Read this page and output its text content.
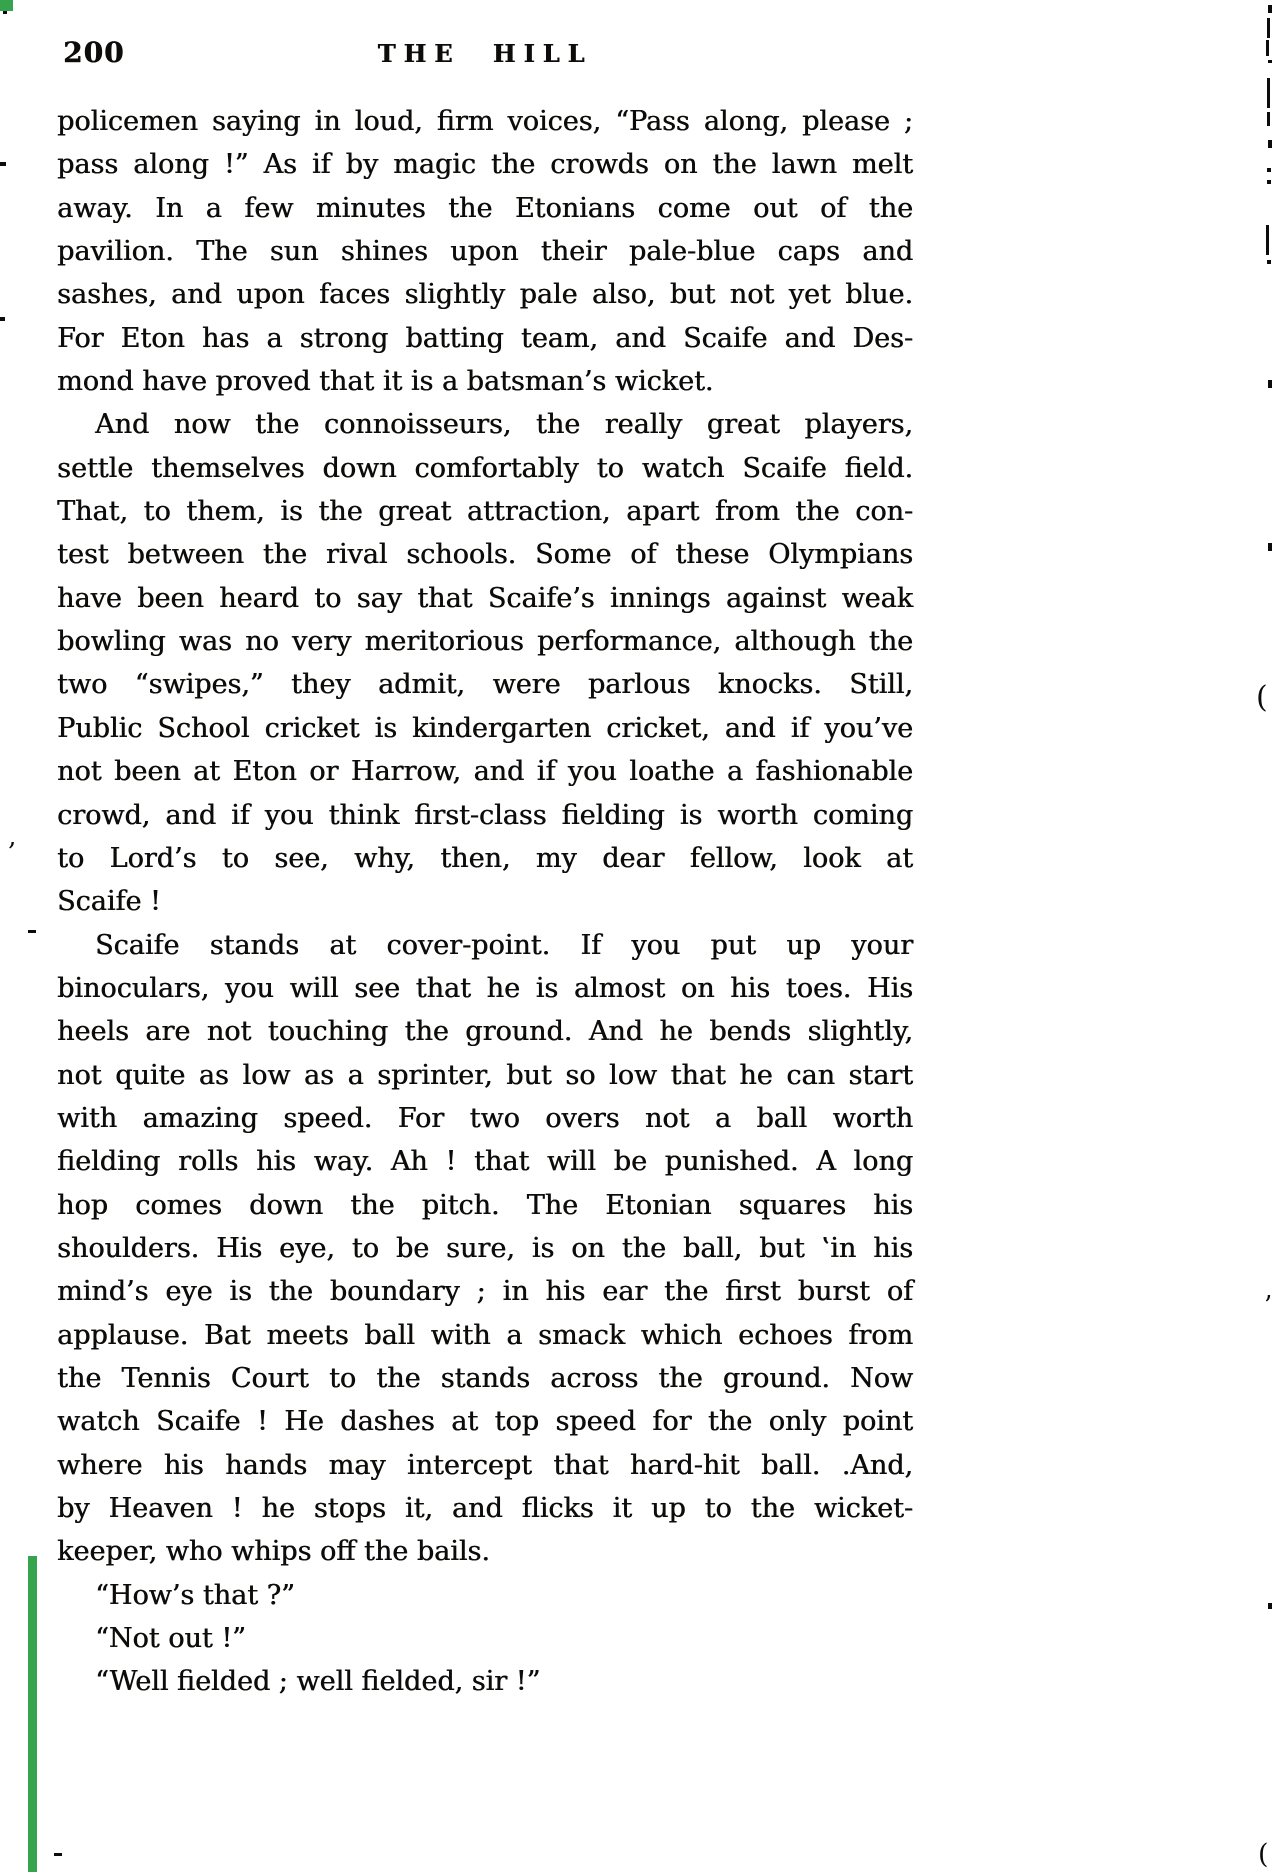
200	THE HILL
policemen saying in loud, firm voices, “Pass along, please ;
pass along !” As if by magic the crowds on the lawn melt
away. In a few minutes the Etonians come out of the
pavilion. The sun shines upon their pale-blue caps and
sashes, and upon faces slightly pale also, but not yet blue.
For Eton has a strong batting team, and Scaife and Des-
mond have proved that it is a batsman’s wicket.
And now the connoisseurs, the really great players,
settle themselves down comfortably to watch Scaife field.
That, to them, is the great attraction, apart from the con-
test between the rival schools. Some of these Olympians
have been heard to say that Scaife’s innings against weak
bowling was no very meritorious performance, although the
two “swipes,” they admit, were parlous knocks. Still,
Public School cricket is kindergarten cricket, and if you’ve
not been at Eton or Harrow, and if you loathe a fashionable
crowd, and if you think first-class fielding is worth coming
to Lord’s to see, why, then, my dear fellow, look at
Scaife !
Scaife stands at cover-point. If you put up your
binoculars, you will see that he is almost on his toes. His
heels are not touching the ground. And he bends slightly,
not quite as low as a sprinter, but so low that he can start
with amazing speed. For two overs not a ball worth
fielding rolls his way. Ah ! that will be punished. A long
hop comes down the pitch. The Etonian squares his
shoulders. His eye, to be sure, is on the ball, but ‛in his
mind’s eye is the boundary ; in his ear the first burst of
applause. Bat meets ball with a smack which echoes from
the Tennis Court to the stands across the ground. Now
watch Scaife ! He dashes at top speed for the only point
where his hands may intercept that hard-hit ball. .And,
by Heaven ! he stops it, and flicks it up to the wicket-
keeper, who whips off the bails.
“How’s that ?”
“Not out !”
“Well fielded ; well fielded, sir !”
‚
(
’
(
